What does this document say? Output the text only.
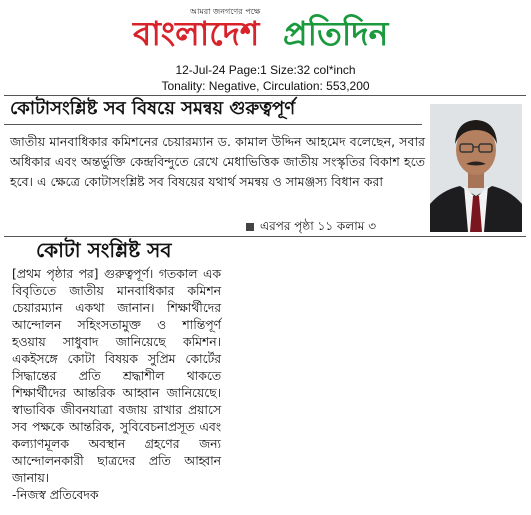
আমরা জনগণের পক্ষে
বাংলাদেশ প্রতিদিন
12-Jul-24 Page:1 Size:32 col*inch
Tonality: Negative, Circulation: 553,200
কোটাসংশ্লিষ্ট সব বিষয়ে সমন্বয় গুরুত্বপূর্ণ
জাতীয় মানবাধিকার কমিশনের চেয়ারম্যান ড. কামাল উদ্দিন আহমেদ বলেছেন, সবার অধিকার এবং অন্তর্ভুক্তি কেন্দ্রবিন্দুতে রেখে মেধাভিত্তিক জাতীয় সংস্কৃতির বিকাশ হতে হবে। এ ক্ষেত্রে কোটাসংশ্লিষ্ট সব বিষয়ের যথার্থ সমন্বয় ও সামঞ্জস্য বিধান করা
এরপর পৃষ্ঠা ১১ কলাম ৩
কোটা সংশ্লিষ্ট সব
[প্রথম পৃষ্ঠার পর] গুরুত্বপূর্ণ। গতকাল এক বিবৃতিতে জাতীয় মানবাধিকার কমিশন চেয়ারম্যান একথা জানান। শিক্ষার্থীদের আন্দোলন সহিংসতামুক্ত ও শান্তিপূর্ণ হওয়ায় সাধুবাদ জানিয়েছে কমিশন। একইসঙ্গে কোটা বিষয়ক সুপ্রিম কোর্টের সিদ্ধান্তের প্রতি শ্রদ্ধাশীল থাকতে শিক্ষার্থীদের আন্তরিক আহ্বান জানিয়েছে। স্বাভাবিক জীবনযাত্রা বজায় রাখার প্রয়াসে সব পক্ষকে আন্তরিক, সুবিবেচনাপ্রসূত এবং কল্যাণমূলক অবস্থান গ্রহণের জন্য আন্দোলনকারী ছাত্রদের প্রতি আহ্বান জানায়।
-নিজস্ব প্রতিবেদক
